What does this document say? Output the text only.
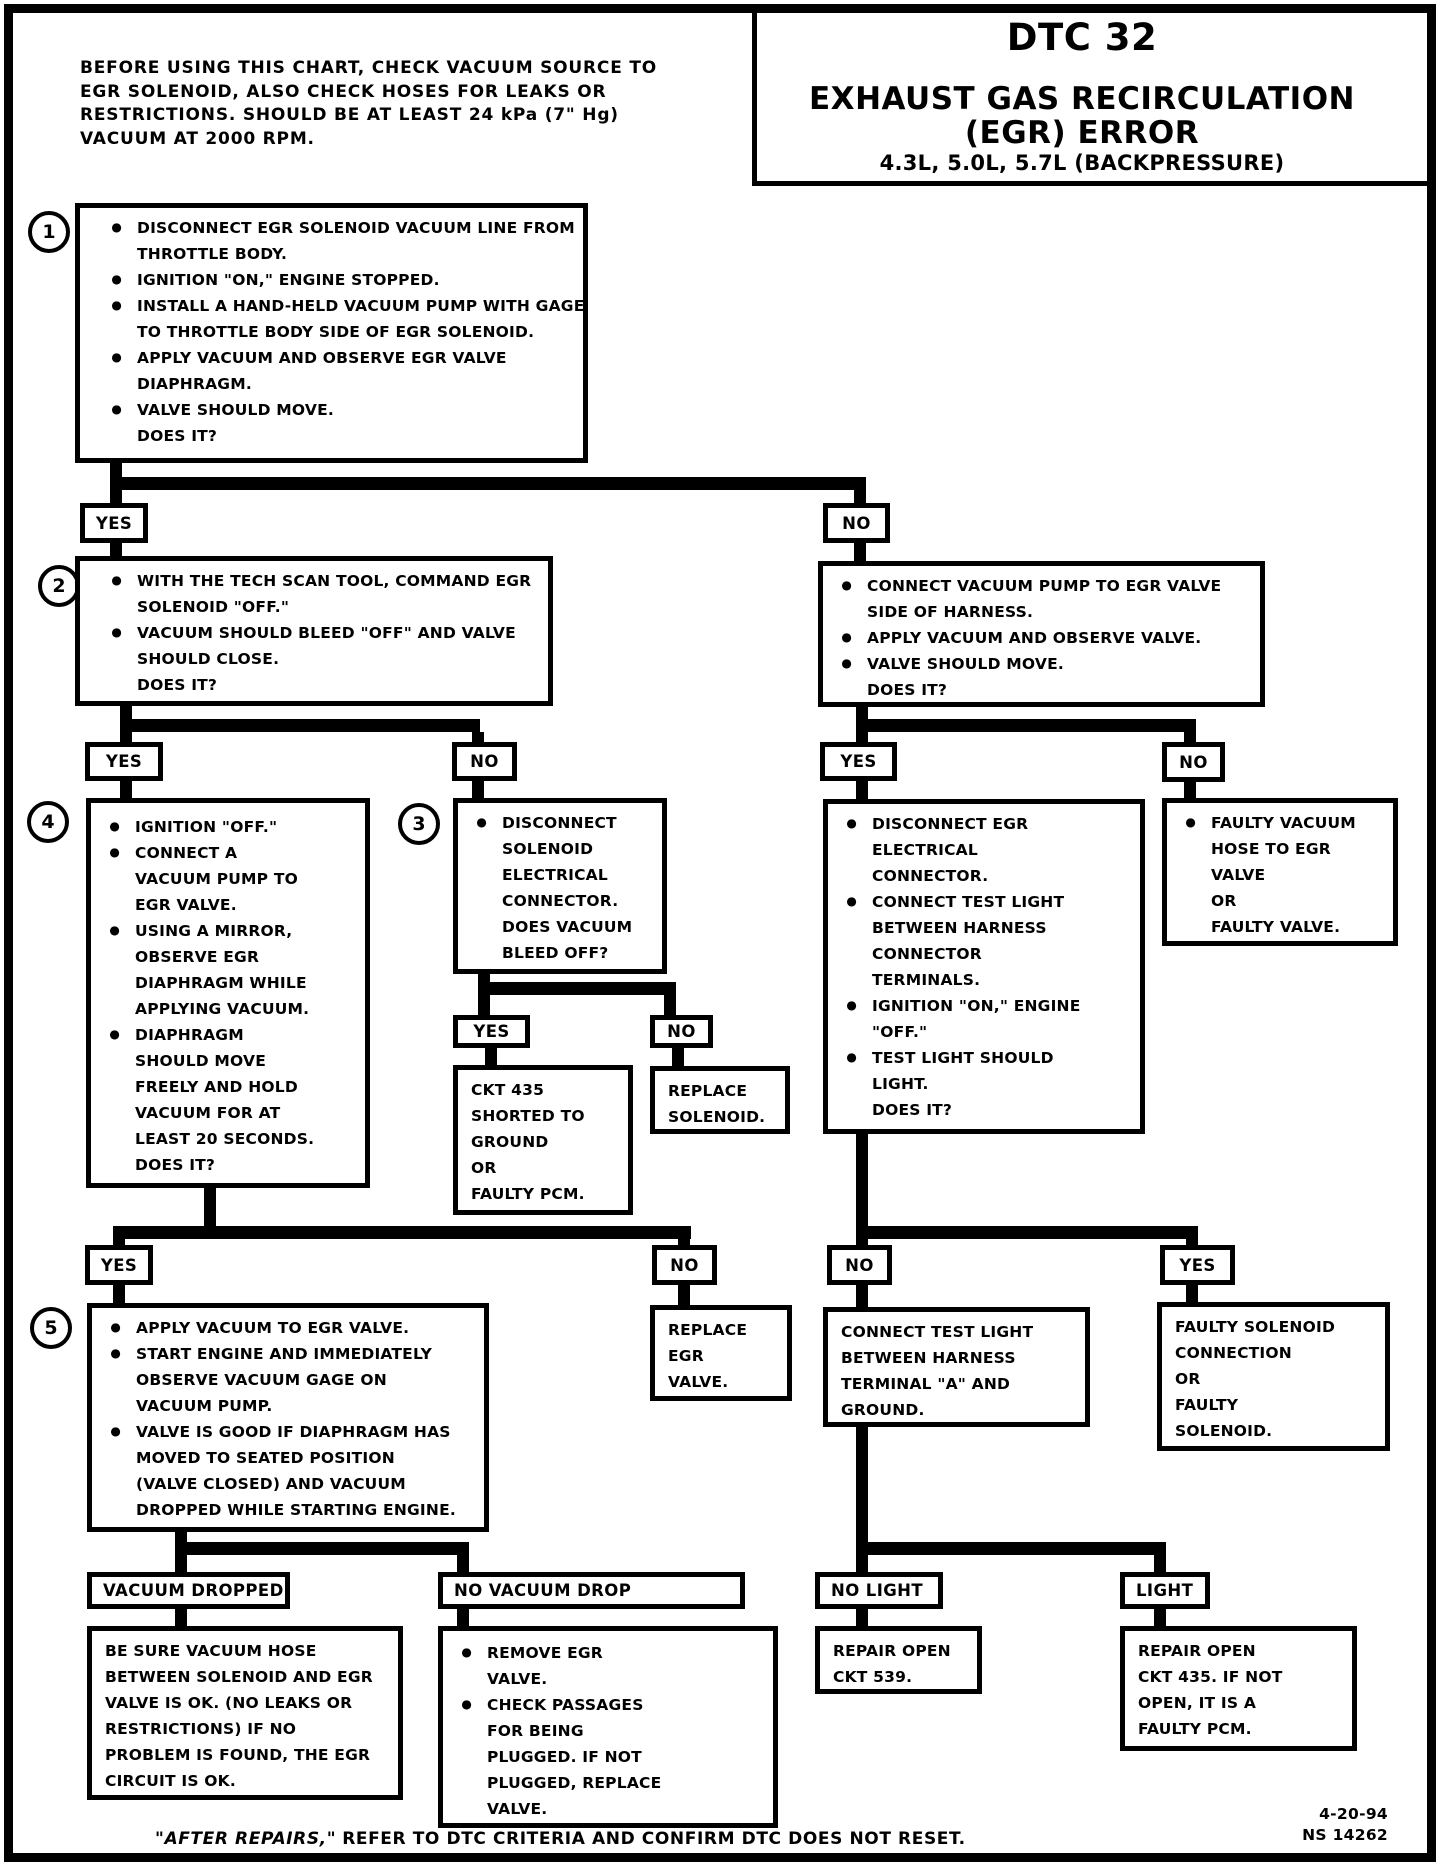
BEFORE USING THIS CHART, CHECK VACUUM SOURCE TO
EGR SOLENOID, ALSO CHECK HOSES FOR LEAKS OR
RESTRICTIONS. SHOULD BE AT LEAST 24 kPa (7" Hg)
VACUUM AT 2000 RPM.
DTC 32
EXHAUST GAS RECIRCULATION
(EGR) ERROR
4.3L, 5.0L, 5.7L (BACKPRESSURE)
1
2
3
4
5
●
DISCONNECT EGR SOLENOID VACUUM LINE FROM
THROTTLE BODY.
●
IGNITION "ON," ENGINE STOPPED.
●
INSTALL A HAND-HELD VACUUM PUMP WITH GAGE
TO THROTTLE BODY SIDE OF EGR SOLENOID.
●
APPLY VACUUM AND OBSERVE EGR VALVE
DIAPHRAGM.
●
VALVE SHOULD MOVE.
DOES IT?
YES	NO
●
WITH THE TECH SCAN TOOL, COMMAND EGR
SOLENOID "OFF."
●
VACUUM SHOULD BLEED "OFF" AND VALVE
SHOULD CLOSE.
DOES IT?
●
CONNECT VACUUM PUMP TO EGR VALVE
SIDE OF HARNESS.
●
APPLY VACUUM AND OBSERVE VALVE.
●
VALVE SHOULD MOVE.
DOES IT?
YES	NO	YES	NO
●
IGNITION "OFF."
●
CONNECT A
VACUUM PUMP TO
EGR VALVE.
●
USING A MIRROR,
OBSERVE EGR
DIAPHRAGM WHILE
APPLYING VACUUM.
●
DIAPHRAGM
SHOULD MOVE
FREELY AND HOLD
VACUUM FOR AT
LEAST 20 SECONDS.
DOES IT?
●
DISCONNECT
SOLENOID
ELECTRICAL
CONNECTOR.
DOES VACUUM
BLEED OFF?
●
DISCONNECT EGR
ELECTRICAL
CONNECTOR.
●
CONNECT TEST LIGHT
BETWEEN HARNESS
CONNECTOR
TERMINALS.
●
IGNITION "ON," ENGINE
"OFF."
●
TEST LIGHT SHOULD
LIGHT.
DOES IT?
●
FAULTY VACUUM
HOSE TO EGR
VALVE
OR
FAULTY VALVE.
YES	NO
CKT 435
SHORTED TO
GROUND
OR
FAULTY PCM.
REPLACE
SOLENOID.
YES	NO	NO	YES
●
APPLY VACUUM TO EGR VALVE.
●
START ENGINE AND IMMEDIATELY
OBSERVE VACUUM GAGE ON
VACUUM PUMP.
●
VALVE IS GOOD IF DIAPHRAGM HAS
MOVED TO SEATED POSITION
(VALVE CLOSED) AND VACUUM
DROPPED WHILE STARTING ENGINE.
REPLACE
EGR
VALVE.
CONNECT TEST LIGHT
BETWEEN HARNESS
TERMINAL "A" AND
GROUND.
FAULTY SOLENOID
CONNECTION
OR
FAULTY
SOLENOID.
VACUUM DROPPED	NO VACUUM DROP	NO LIGHT	LIGHT
BE SURE VACUUM HOSE
BETWEEN SOLENOID AND EGR
VALVE IS OK. (NO LEAKS OR
RESTRICTIONS) IF NO
PROBLEM IS FOUND, THE EGR
CIRCUIT IS OK.
●
REMOVE EGR
VALVE.
●
CHECK PASSAGES
FOR BEING
PLUGGED. IF NOT
PLUGGED, REPLACE
VALVE.
REPAIR OPEN
CKT 539.
REPAIR OPEN
CKT 435. IF NOT
OPEN, IT IS A
FAULTY PCM.
"AFTER REPAIRS," REFER TO DTC CRITERIA AND CONFIRM DTC DOES NOT RESET.
4-20-94
NS 14262
